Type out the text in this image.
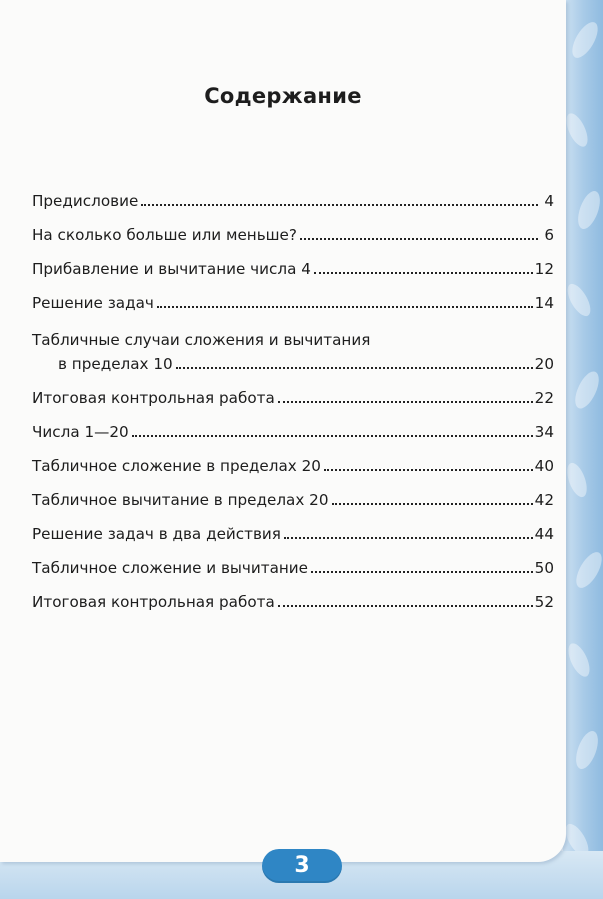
Содержание
Предисловие	4
На сколько больше или меньше?	6
Прибавление и вычитание числа 4	12
Решение задач	14
Табличные случаи сложения и вычитания
в пределах 10	20
Итоговая контрольная работа	22
Числа 1—20	34
Табличное сложение в пределах 20	40
Табличное вычитание в пределах 20	42
Решение задач в два действия	44
Табличное сложение и вычитание	50
Итоговая контрольная работа	52
3
